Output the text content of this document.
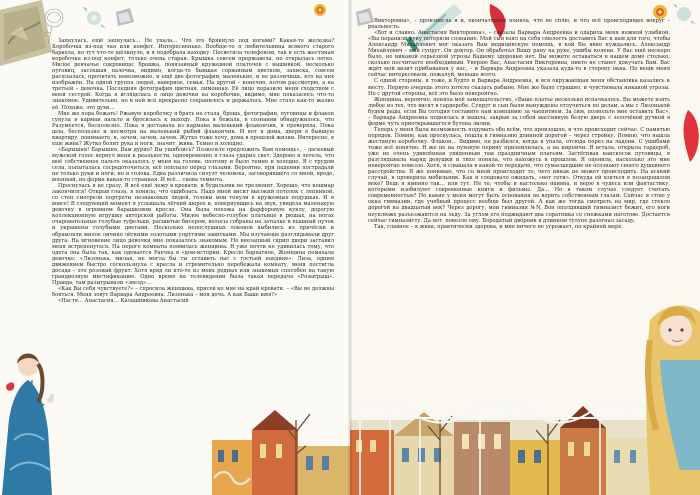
Запнулась, ещё запнулась… Не упала… Что это брякнуло под ногами? Какая-то железка? Коробочка из-под чая или конфет. Интересненько. Вообще-то я любительница всякого старого барахла, но тут что-то щёлкнуло, и я подобрала находку. Посветила телефоном, так и есть жестяная коробочка из-под конфет, только очень старая. Крышка совсем проржавела, но открылась легко. Милое девчачье сокровище: брошка, повязанный кружевной платочек с вышивкой, несколько пуговиц, засохшая палочка, видимо, когда-то бывшая сорванным цветком, записка, совсем расплылась, прочитать невозможно, и ещё две фотографии, маленькие, и не различишь, кто на них изображён. На одной группа людей, наверное, семья. На другой – конечно, потом рассмотрю, а на третьей – девочка. Последняя фотография цветная, лимонная. Её лицо поразило меня сходством с моей сестрой. Когда я вгляделась в лицо девочки на коробочке, видимо, мне показалось что-то знакомое. Удивительно, но в ней всё прекрасно сохранилось и держалось. Мне стало как-то жалко её. Похоже, это духи…

Мне же пора бежать! Ржавую коробочку я брать не стала, брошь, фотографии, пуговицы и флакон сунула в карман пальто и бросилась к выходу. Пока я бежала, в сознании обнаружилось, что Разумеется, бесполезно. Пока я доставала из кармана маленький флакончик, я проверяла. Пока шла, бесполезно и несмотря на маленький рыбий флакончик. И вот я дома, двери в бывшую квартиру, понимаете, я, зачем, зачем, зачем. Жутко тоже хочу, дома в прошлой жизни. Интересно, я еще жива? Жутко болит рука и ноги, значит, жива. Темно и холодно.

«Барышня! Барышня, Вам дурно? Вы ушиблись? Позвольте предложить Вам помощь», – ласковый мужской голос вернул меня к реальности, одновременно я глаза ударил свет. Здорово я летела, что моё собственное пальто оказалось у меня на голове, поэтому и было темно и холодно. Я с трудом села, попыталась сосредоточиться, всё поплыло перед глазами. Вероятно, при падении пострадали не только руки и ноги, но и голова. Едва различила силуэт человека, заговорившего со мной, вроде, военный, но форма какая-то странная. И всё… снова темнота.

Проснулась я не сразу. Я всё ещё лежу в кровати, и будильник не трезвонит. Хорошо, что кошмар закончился! Открыв глаза, я поняла, что ошиблась. Надо мной висит высокий потолок с лепниной, со стен смотрели портреты незнакомых людей, головы мои тонули в кружевных подушках. И я вовсе! В следующий момент я услышала лёгкий шорох и, повернувшись на звук, увидела маленькую девочку в огромном барашковом кресле. Она была похожа на фарфоровую куклу, дорогую коллекционную игрушку авторской работы. Милое небесно-голубое платьице в рюшах, на ногах очаровательные голубые туфельки, расшитые бисером, волосы собраны на затылке в пышный пучок и украшены голубыми цветами. Несколько непослушных локонов выбились из причёски и обрамляли милое личико лёгкими золотыми упругими завитками. Мы изучающе разглядывали друг друга. На мгновение лицо девочки мне показалось знакомым. Но внезапный скрип двери заставил меня встрепенуться. На пороге комнаты появилась женщина. Я уже почти не удивилась тому, что одета она была так, как одевается Раечка в «дом-истории. Кресло бархатное, Женщина помахала девочке: «Лизонька, милая, не могла бы ты оставить нас с гостьей наедине». Лиза, одним движением быстро соскользнула с кресла и стремительно перебежала комнату, меня постигла досада – это розовый фрукт. Хотя вряд ли кто-то из моих родных или знакомых способен на такую грандиозную мистификацию. Одно время на телевидении была такая передача «Розыгрыш». Правда, там разыгрывали «звезд»…

«Как Вы себя чувствуете?» – спросила женщина, присев ко мне на край кровати. – «Вы не должны бояться. Меня зовут Варвара Андреевна. Лизонька – моя дочь. А как Ваше имя?»

«Настя… Анастасия… Калашникова Анастасия

Викторовна», – произнесла я и, окончательно поняла, что не сплю, и что всё происходящее вокруг – реальность.

«Вот и славно, Анастасия Викторовна», – сказала Варвара Андреевна и одарила меня нежной улыбкой. «Вы поранили руку потеряли сознание. Мой сын взял на себя смелость доставить Вас к нам для того, чтобы Александр Михайлович мог оказать Вам медицинскую помощь, в кой Вы явно нуждались. Александр Михайлович – мой супруг. Он доктор. Он обработал Вашу рану на руке, ушибы колени. У Вас ещё нескоро было, но никакой серьёзной угрозы Вашему здоровью нет. Вы можете оставаться в нашем доме столько, сколько посчитаете необходимым. Уверяю Вас, Анастасия Викторовна, никто не станет докучать Вам. Вас ждёт мой визит прибывания у нас, – и Варвара Андреевна указала куда-то в сторону окна. Но вещи меня сейчас интересовали, пожалуй, меньше всего.

С одной стороны, я тоже, и будто и Варвара Андреевна, и вся окружающая меня обстановка казались к месту. Первую очередь этого хотело сказать рабыне. Мне же было страшно, и чувствовала никакой угрозы. Но с другой стороны, всё это было невероятно.

Женщина, вероятно, поняла моё замешательство. «Ваше платье несколько испачкалось. Вы можете взять любое из тех, что висят в гардеробе. Супруг и сын были вынуждены отлучиться по делам, а мы с Лизонькой будем рады, если Вы сегодня составите нам компанию за чаепитием. За сим, позвольте мне оставить Вас», – Варвара Андреевна поднялась и вышла, закрыв за собой массивную белую дверь с золочёной ручкой в форме чуть приоткрывшегося бутона лилии.

Теперь у меня была возможность подумать обо всём, что произошло, и что происходит сейчас. С памятью порядок. Помню, как проснулась, пошла в гимназию длинной дорогой – через стройку. Помню, что нашла жестяную коробочку. Флакон… Видимо, он разбился, когда я упала, отсюда порез на ладони. С ушибами тоже всё понятно. Я же не на пуховую перину приземлилась, а на кирпичи. Я встала, открыла гардероб, уже не очень удивлённая увиденным там праздничным платьям. Застёгивая наискосок пуговицы, я разглядывала наряд девушки и тихо поняла, что нахожусь в прошлом. Я оценила, насколько это мне невероятно повезло. Хотя, я слышала в какой-то передаче, что сумасшедшие не осознают своего душевного расстройства. Я же понимаю, что со мной происходит то, чего никак не может происходить. На всякий случай, я проверила мобильник. Как и следовало ожидать, «нет сети». Откуда ей взяться в позапрошлом веке? Ведь я именно так… или тут. Не то, чтобы я настолько наивна, и верю в чудеса или фантастику, которыми изобилуют современные книги и фильмы. Да… Но в таком случае следует считать современностью? Но какие у меня могут быть основания не верить собственным глазам. Сейчас я стою у окна гимназии, где учебный процесс вообще был другой. А как же тогда смотреть на мир, где стекло дорогой на двадцатый век? Через дорогу, мои гимназия №N. Вон ополдявший гимназист бежит, его ноги неуклюже разъезжаются на льду. За углом его поджидают два соратника со снежками наготове. Достается сейчас гимназисту. Да нет, повезло ему. Бородатый дворник в длинном тулупе разогнал засаду.

Так, главное – я жива, практически здорова, и мне ничего не угрожает, по крайней мере,
